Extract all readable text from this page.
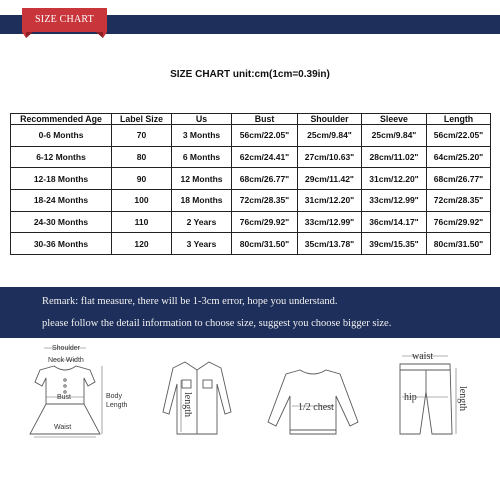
SIZE CHART
SIZE CHART unit:cm(1cm=0.39in)
Recommended Age	Label Size	Us	Bust	Shoulder	Sleeve	Length
0-6 Months	70	3 Months	56cm/22.05"	25cm/9.84"	25cm/9.84"	56cm/22.05"
6-12 Months	80	6 Months	62cm/24.41"	27cm/10.63"	28cm/11.02"	64cm/25.20"
12-18 Months	90	12 Months	68cm/26.77"	29cm/11.42"	31cm/12.20"	68cm/26.77"
18-24 Months	100	18 Months	72cm/28.35"	31cm/12.20"	33cm/12.99"	72cm/28.35"
24-30 Months	110	2 Years	76cm/29.92"	33cm/12.99"	36cm/14.17"	76cm/29.92"
30-36 Months	120	3 Years	80cm/31.50"	35cm/13.78"	39cm/15.35"	80cm/31.50"
Remark: flat measure, there will be 1-3cm error, hope you understand.
please follow the detail information to choose size, suggest you choose bigger size.
Shoulder
Neck Width
Bust	Body
Length
Waist
length	1/2 chest
waist
hip	length
